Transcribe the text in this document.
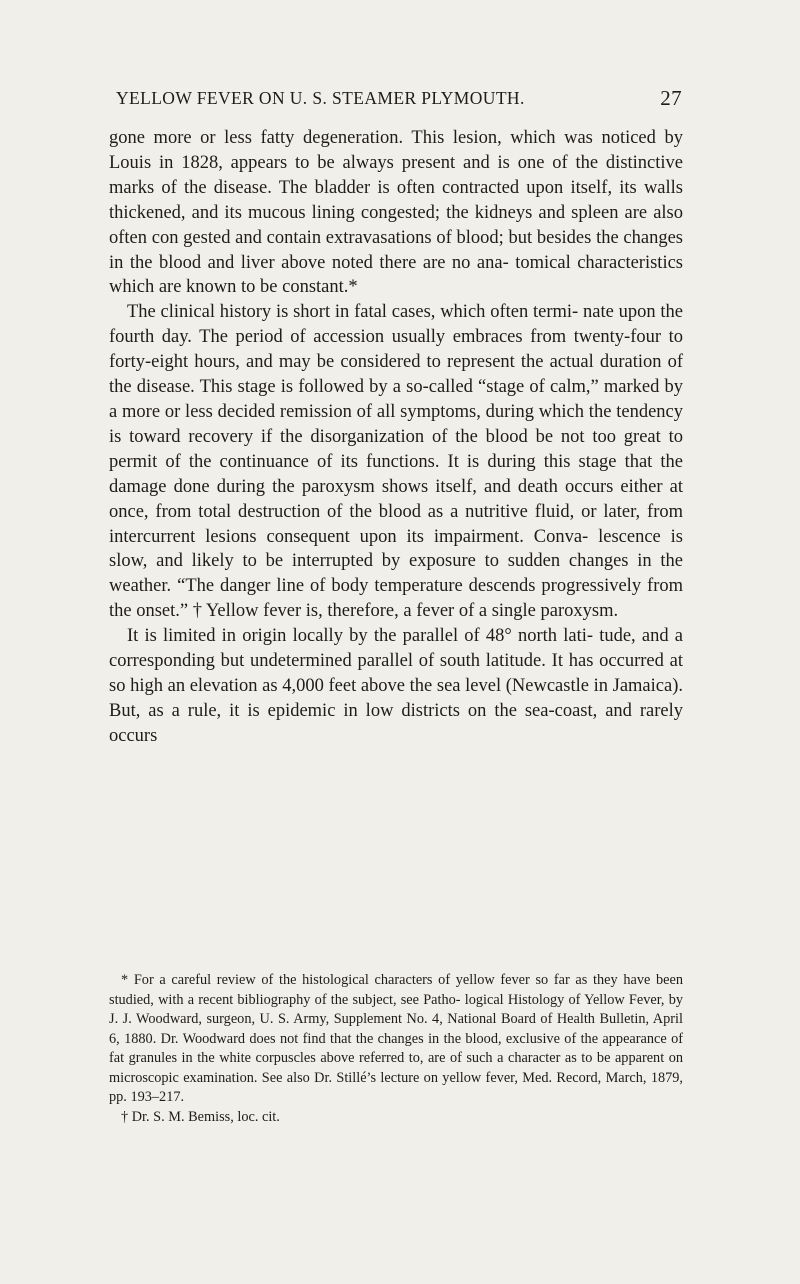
YELLOW FEVER ON U. S. STEAMER PLYMOUTH.	27

gone more or less fatty degeneration. This lesion, which was noticed by Louis in 1828, appears to be always present and is one of the distinctive marks of the disease. The bladder is often contracted upon itself, its walls thickened, and its mucous lining congested; the kidneys and spleen are also often con gested and contain extravasations of blood; but besides the changes in the blood and liver above noted there are no ana- tomical characteristics which are known to be constant.*

The clinical history is short in fatal cases, which often termi- nate upon the fourth day. The period of accession usually embraces from twenty-four to forty-eight hours, and may be considered to represent the actual duration of the disease. This stage is followed by a so-called “stage of calm,” marked by a more or less decided remission of all symptoms, during which the tendency is toward recovery if the disorganization of the blood be not too great to permit of the continuance of its functions. It is during this stage that the damage done during the paroxysm shows itself, and death occurs either at once, from total destruction of the blood as a nutritive fluid, or later, from intercurrent lesions consequent upon its impairment. Conva- lescence is slow, and likely to be interrupted by exposure to sudden changes in the weather. “The danger line of body temperature descends progressively from the onset.” † Yellow fever is, therefore, a fever of a single paroxysm.

It is limited in origin locally by the parallel of 48° north lati- tude, and a corresponding but undetermined parallel of south latitude. It has occurred at so high an elevation as 4,000 feet above the sea level (Newcastle in Jamaica). But, as a rule, it is epidemic in low districts on the sea-coast, and rarely occurs

* For a careful review of the histological characters of yellow fever so far as they have been studied, with a recent bibliography of the subject, see Patho- logical Histology of Yellow Fever, by J. J. Woodward, surgeon, U. S. Army, Supplement No. 4, National Board of Health Bulletin, April 6, 1880. Dr. Woodward does not find that the changes in the blood, exclusive of the appearance of fat granules in the white corpuscles above referred to, are of such a character as to be apparent on microscopic examination. See also Dr. Stillé’s lecture on yellow fever, Med. Record, March, 1879, pp. 193–217.

† Dr. S. M. Bemiss, loc. cit.
